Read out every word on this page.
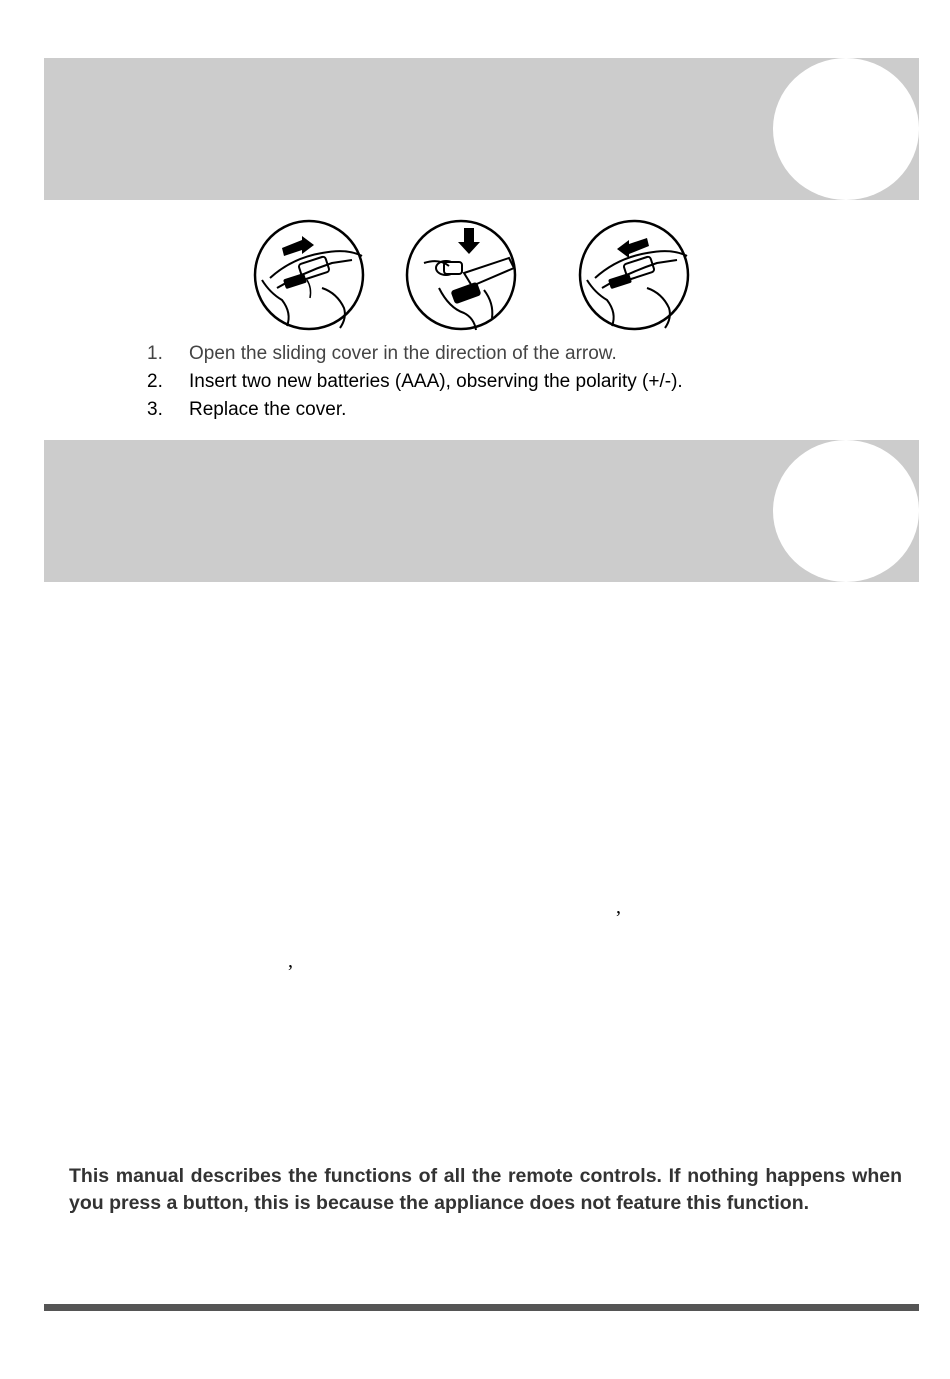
1.	Open the sliding cover in the direction of the arrow.
2.	Insert two new batteries (AAA), observing the polarity (+/-).
3.	Replace the cover.
,
,

This manual describes the functions of all the remote controls. If nothing happens when you press a button, this is because the appliance does not feature this function.
